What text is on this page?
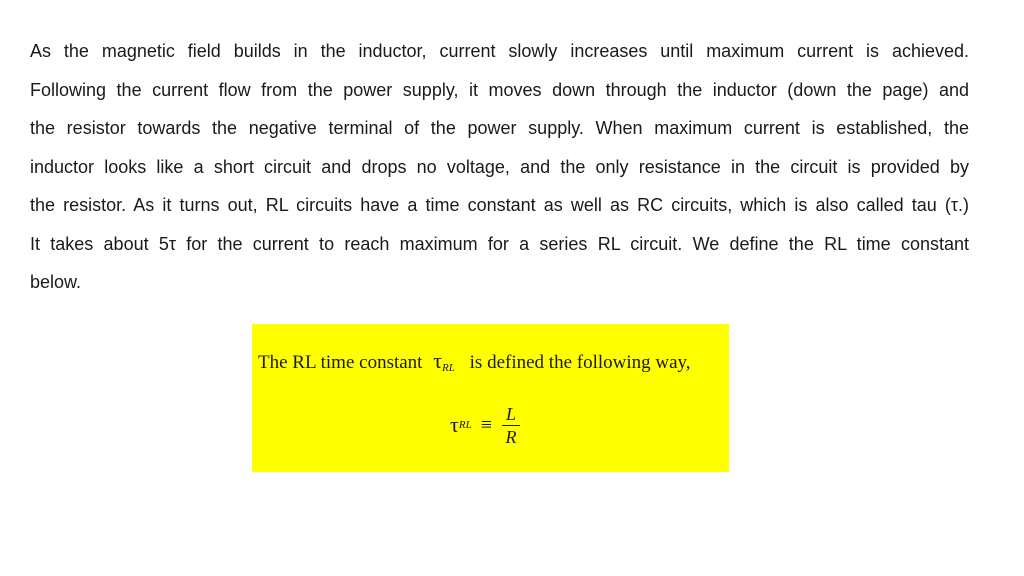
As the magnetic field builds in the inductor, current slowly increases until maximum current is achieved.
Following the current flow from the power supply, it moves down through the inductor (down the page) and
the resistor towards the negative terminal of the power supply. When maximum current is established, the
inductor looks like a short circuit and drops no voltage, and the only resistance in the circuit is provided by
the resistor. As it turns out, RL circuits have a time constant as well as RC circuits, which is also called tau (τ.)
It takes about 5τ for the current to reach maximum for a series RL circuit. We define the RL time constant
below.
The RL time constant $\tau_{RL}$ is defined the following way,
τ RL ≡ $\frac{L}{R}$
